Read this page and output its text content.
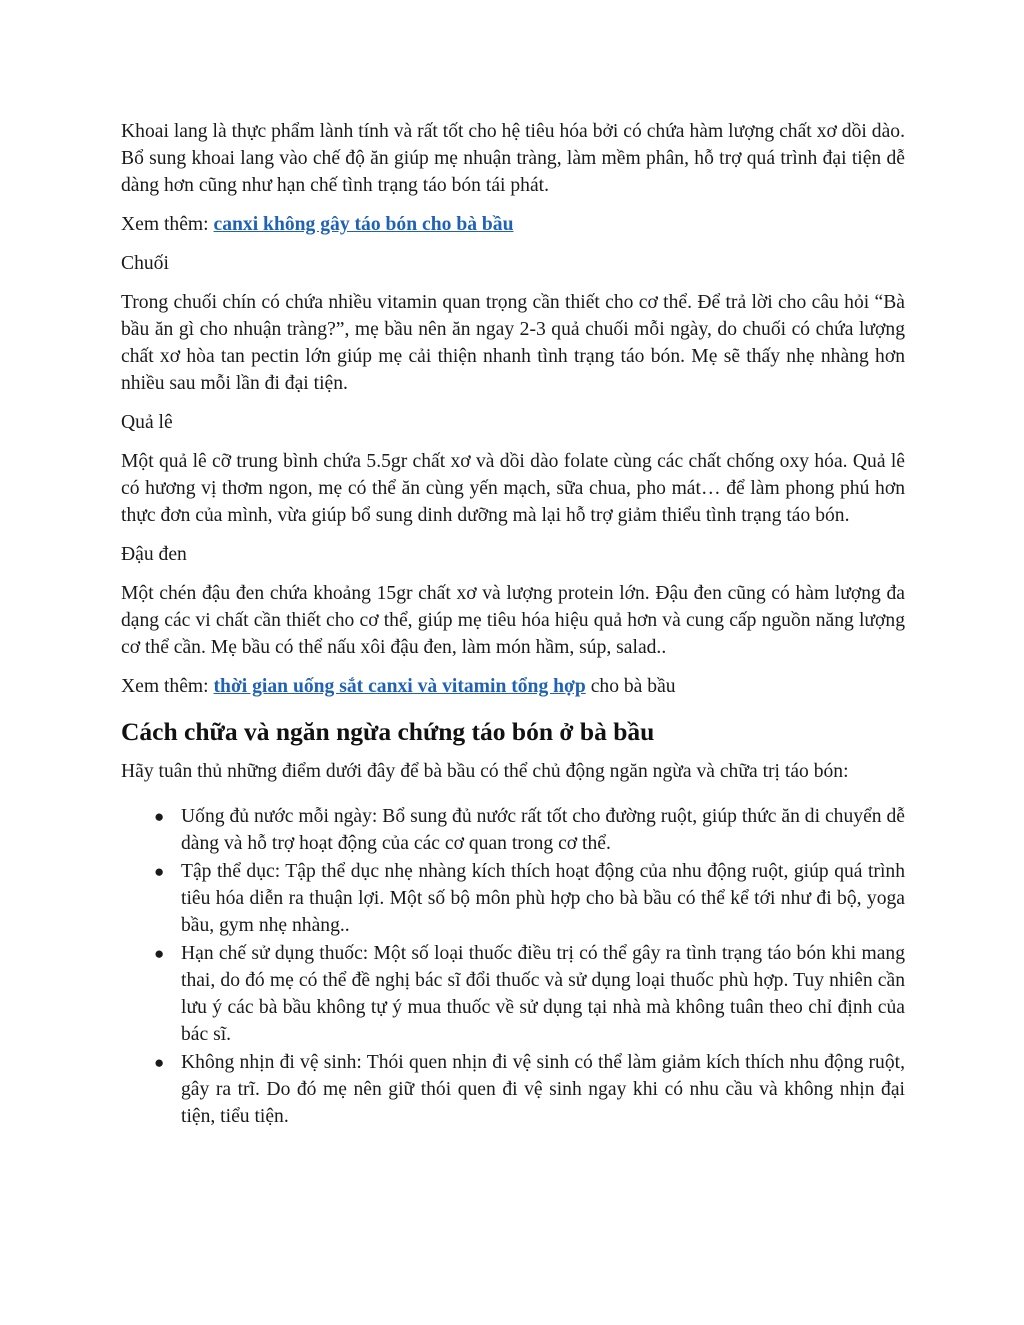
Khoai lang là thực phẩm lành tính và rất tốt cho hệ tiêu hóa bởi có chứa hàm lượng chất xơ dồi dào. Bổ sung khoai lang vào chế độ ăn giúp mẹ nhuận tràng, làm mềm phân, hỗ trợ quá trình đại tiện dễ dàng hơn cũng như hạn chế tình trạng táo bón tái phát.

Xem thêm: canxi không gây táo bón cho bà bầu

Chuối

Trong chuối chín có chứa nhiều vitamin quan trọng cần thiết cho cơ thể. Để trả lời cho câu hỏi “Bà bầu ăn gì cho nhuận tràng?”, mẹ bầu nên ăn ngay 2-3 quả chuối mỗi ngày, do chuối có chứa lượng chất xơ hòa tan pectin lớn giúp mẹ cải thiện nhanh tình trạng táo bón. Mẹ sẽ thấy nhẹ nhàng hơn nhiều sau mỗi lần đi đại tiện.

Quả lê

Một quả lê cỡ trung bình chứa 5.5gr chất xơ và dồi dào folate cùng các chất chống oxy hóa. Quả lê có hương vị thơm ngon, mẹ có thể ăn cùng yến mạch, sữa chua, pho mát… để làm phong phú hơn thực đơn của mình, vừa giúp bổ sung dinh dưỡng mà lại hỗ trợ giảm thiểu tình trạng táo bón.

Đậu đen

Một chén đậu đen chứa khoảng 15gr chất xơ và lượng protein lớn. Đậu đen cũng có hàm lượng đa dạng các vi chất cần thiết cho cơ thể, giúp mẹ tiêu hóa hiệu quả hơn và cung cấp nguồn năng lượng cơ thể cần. Mẹ bầu có thể nấu xôi đậu đen, làm món hầm, súp, salad..

Xem thêm: thời gian uống sắt canxi và vitamin tổng hợp cho bà bầu

Cách chữa và ngăn ngừa chứng táo bón ở bà bầu

Hãy tuân thủ những điểm dưới đây để bà bầu có thể chủ động ngăn ngừa và chữa trị táo bón:

● Uống đủ nước mỗi ngày: Bổ sung đủ nước rất tốt cho đường ruột, giúp thức ăn di chuyển dễ dàng và hỗ trợ hoạt động của các cơ quan trong cơ thể.
● Tập thể dục: Tập thể dục nhẹ nhàng kích thích hoạt động của nhu động ruột, giúp quá trình tiêu hóa diễn ra thuận lợi. Một số bộ môn phù hợp cho bà bầu có thể kể tới như đi bộ, yoga bầu, gym nhẹ nhàng..
● Hạn chế sử dụng thuốc: Một số loại thuốc điều trị có thể gây ra tình trạng táo bón khi mang thai, do đó mẹ có thể đề nghị bác sĩ đổi thuốc và sử dụng loại thuốc phù hợp. Tuy nhiên cần lưu ý các bà bầu không tự ý mua thuốc về sử dụng tại nhà mà không tuân theo chỉ định của bác sĩ.
● Không nhịn đi vệ sinh: Thói quen nhịn đi vệ sinh có thể làm giảm kích thích nhu động ruột, gây ra trĩ. Do đó mẹ nên giữ thói quen đi vệ sinh ngay khi có nhu cầu và không nhịn đại tiện, tiểu tiện.
